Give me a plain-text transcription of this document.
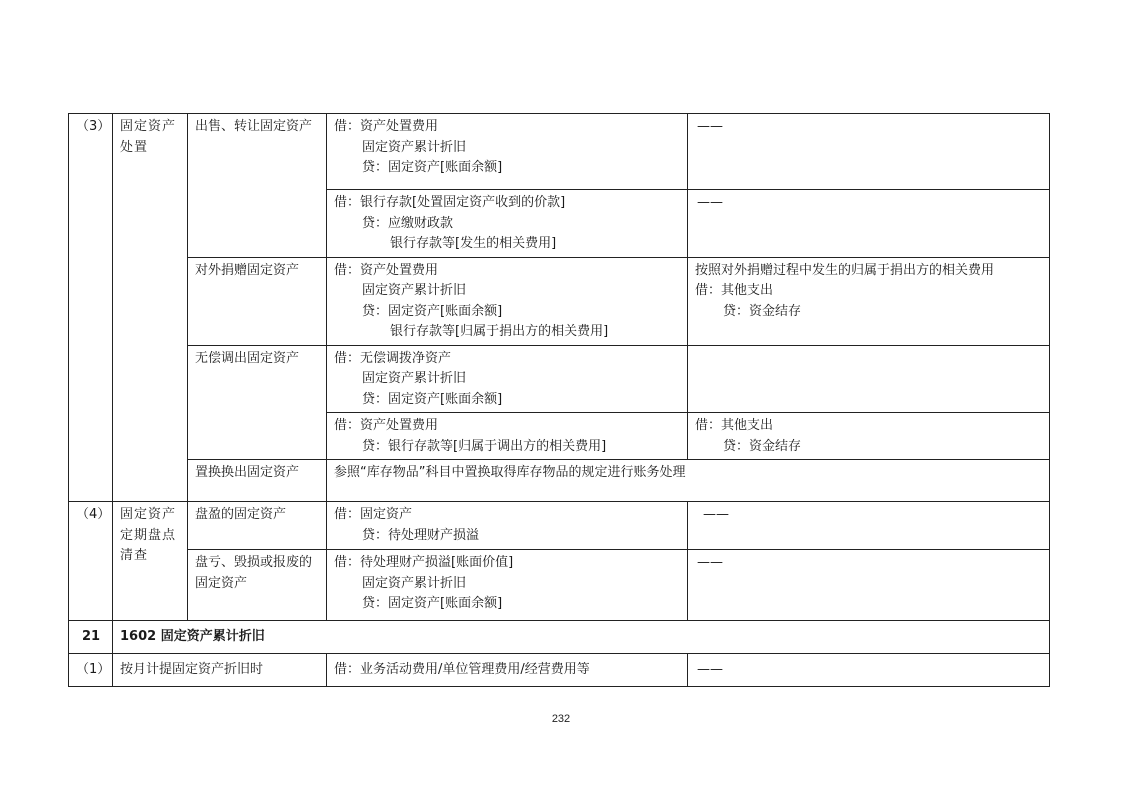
（3）	固定资产处置	出售、转让固定资产	借：资产处置费用
固定资产累计折旧
贷：固定资产[账面余额]	——

			借：银行存款[处置固定资产收到的价款]
贷：应缴财政款
银行存款等[发生的相关费用]	——
		对外捐赠固定资产	借：资产处置费用
固定资产累计折旧
贷：固定资产[账面余额]
银行存款等[归属于捐出方的相关费用]	按照对外捐赠过程中发生的归属于捐出方的相关费用
借：其他支出
贷：资金结存

		无偿调出固定资产	借：无偿调拨净资产
固定资产累计折旧
贷：固定资产[账面余额]	

			借：资产处置费用
贷：银行存款等[归属于调出方的相关费用]	借：其他支出
贷：资金结存

		置换换出固定资产	参照“库存物品”科目中置换取得库存物品的规定进行账务处理	

（4）	固定资产定期盘点清查	盘盈的固定资产	借：固定资产
贷：待处理财产损溢	——
		盘亏、毁损或报废的固定资产	借：待处理财产损溢[账面价值]
固定资产累计折旧
贷：固定资产[账面余额]	——
21	1602 固定资产累计折旧			
（1）	按月计提固定资产折旧时		借：业务活动费用/单位管理费用/经营费用等	——
232
